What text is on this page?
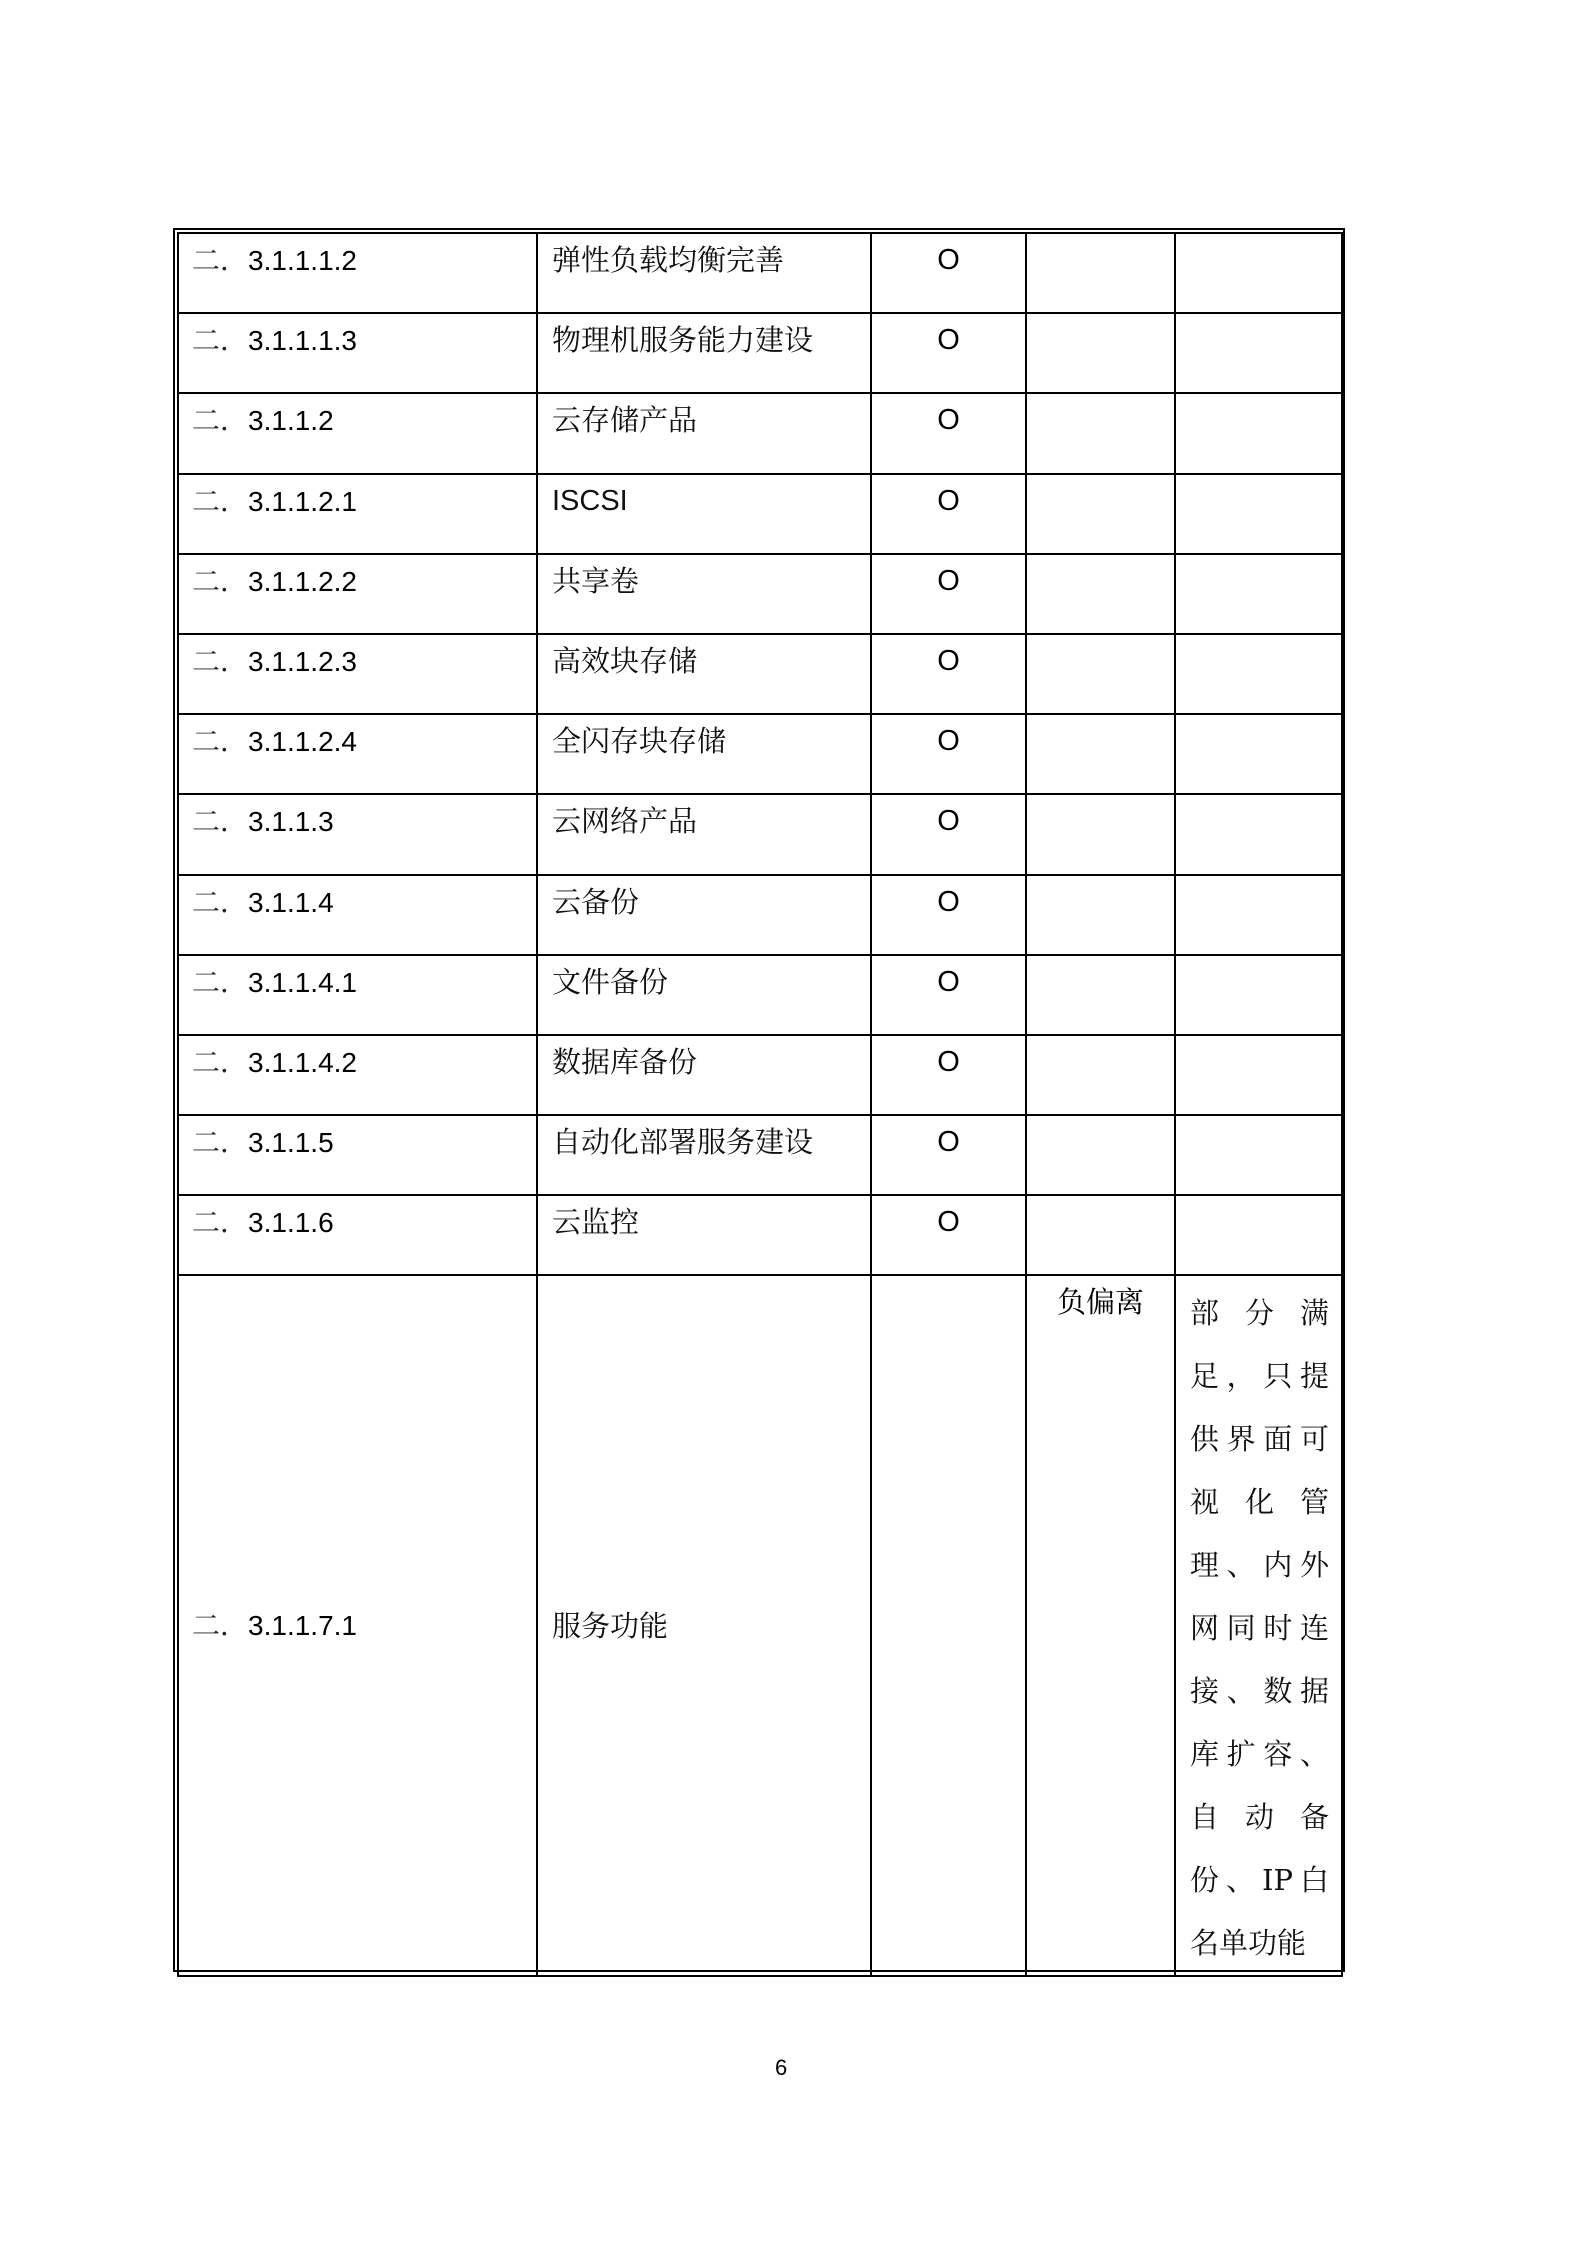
二．3.1.1.1.2	弹性负载均衡完善	O		
二．3.1.1.1.3	物理机服务能力建设	O		
二．3.1.1.2	云存储产品	O		
二．3.1.1.2.1	ISCSI	O		
二．3.1.1.2.2	共享卷	O		
二．3.1.1.2.3	高效块存储	O		
二．3.1.1.2.4	全闪存块存储	O		
二．3.1.1.3	云网络产品	O		
二．3.1.1.4	云备份	O		
二．3.1.1.4.1	文件备份	O		
二．3.1.1.4.2	数据库备份	O		
二．3.1.1.5	自动化部署服务建设	O		
二．3.1.1.6	云监控	O		
二．3.1.1.7.1	服务功能		负偏离	部 分 满
足 ， 只 提
供 界 面 可
视 化 管
理 、 内 外
网 同 时 连
接 、 数 据
库 扩 容 、
自 动 备
份 、 IP 白
名单功能
6
